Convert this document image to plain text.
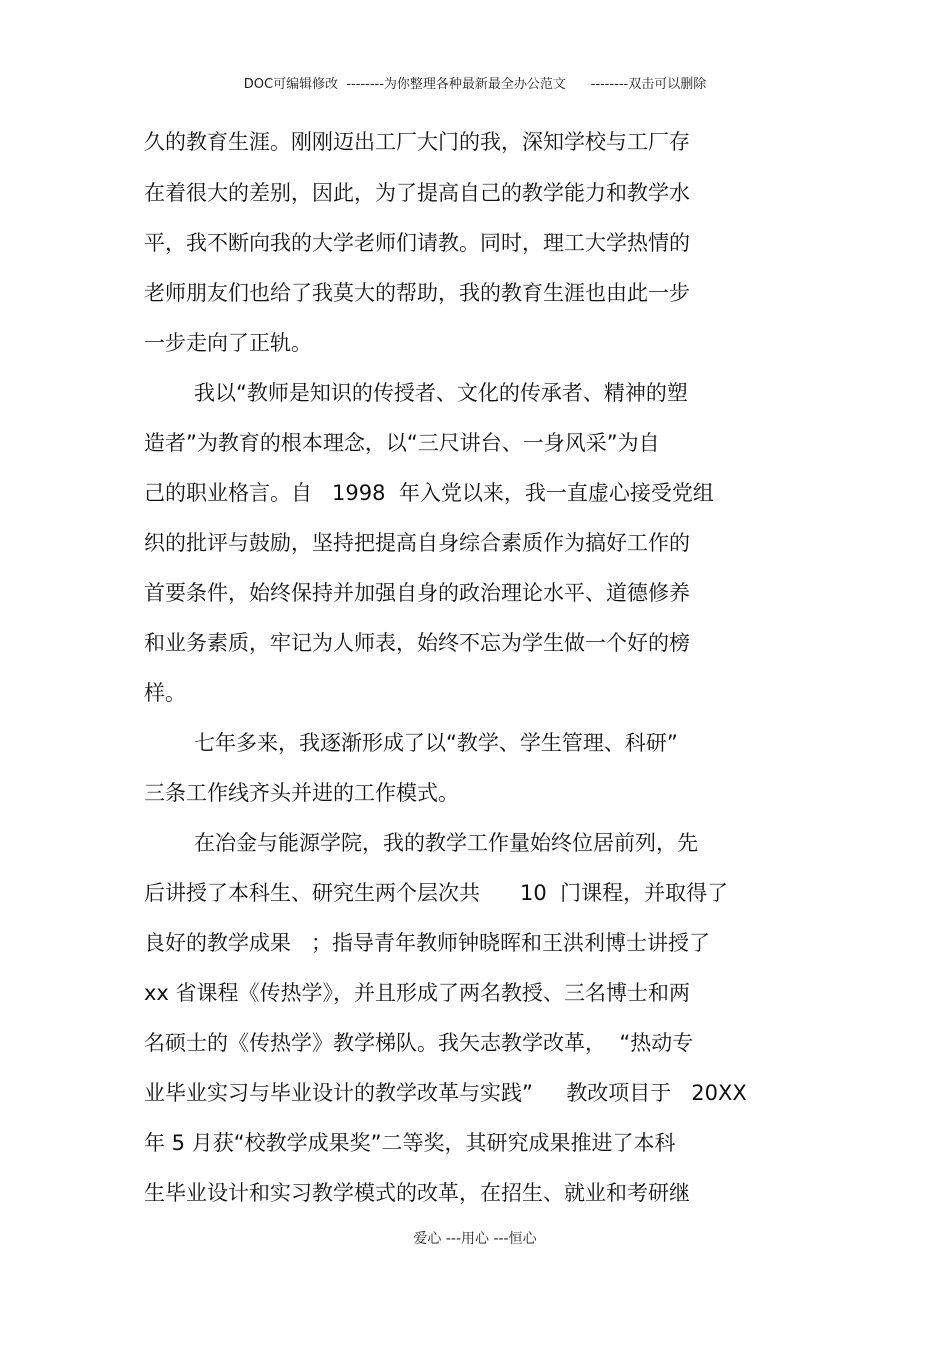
DOC可编辑修改  --------为你整理各种最新最全办公范文      --------双击可以删除
久的教育生涯。刚刚迈出工厂大门的我，深知学校与工厂存
在着很大的差别，因此，为了提高自己的教学能力和教学水
平，我不断向我的大学老师们请教。同时，理工大学热情的
老师朋友们也给了我莫大的帮助，我的教育生涯也由此一步
一步走向了正轨。
我以“教师是知识的传授者、文化的传承者、精神的塑
造者”为教育的根本理念，以“三尺讲台、一身风采”为自
己的职业格言。自   1998  年入党以来，我一直虚心接受党组
织的批评与鼓励，坚持把提高自身综合素质作为搞好工作的
首要条件，始终保持并加强自身的政治理论水平、道德修养
和业务素质，牢记为人师表，始终不忘为学生做一个好的榜
样。
七年多来，我逐渐形成了以“教学、学生管理、科研”
三条工作线齐头并进的工作模式。
在冶金与能源学院，我的教学工作量始终位居前列，先
后讲授了本科生、研究生两个层次共      10  门课程，并取得了
良好的教学成果   ；指导青年教师钟晓晖和王洪利博士讲授了
xx 省课程《传热学》，并且形成了两名教授、三名博士和两
名硕士的《传热学》教学梯队。我矢志教学改革，  “热动专
业毕业实习与毕业设计的教学改革与实践”     教改项目于   20XX
年 5 月获“校教学成果奖”二等奖，其研究成果推进了本科
生毕业设计和实习教学模式的改革，在招生、就业和考研继
爱心 ---用心 ---恒心
